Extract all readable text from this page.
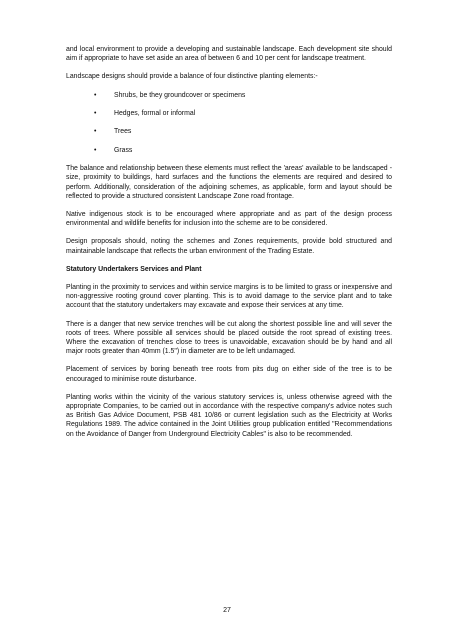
and local environment to provide a developing and sustainable landscape. Each development site should aim if appropriate to have set aside an area of between 6 and 10 per cent for landscape treatment.

Landscape designs should provide a balance of four distinctive planting elements:-

•	Shrubs, be they groundcover or specimens
•	Hedges, formal or informal
•	Trees
•	Grass

The balance and relationship between these elements must reflect the 'areas' available to be landscaped - size, proximity to buildings, hard surfaces and the functions the elements are required and desired to perform. Additionally, consideration of the adjoining schemes, as applicable, form and layout should be reflected to provide a structured consistent Landscape Zone road frontage.

Native indigenous stock is to be encouraged where appropriate and as part of the design process environmental and wildlife benefits for inclusion into the scheme are to be considered.

Design proposals should, noting the schemes and Zones requirements, provide bold structured and maintainable landscape that reflects the urban environment of the Trading Estate.

Statutory Undertakers Services and Plant

Planting in the proximity to services and within service margins is to be limited to grass or inexpensive and non-aggressive rooting ground cover planting. This is to avoid damage to the service plant and to take account that the statutory undertakers may excavate and expose their services at any time.

There is a danger that new service trenches will be cut along the shortest possible line and will sever the roots of trees. Where possible all services should be placed outside the root spread of existing trees. Where the excavation of trenches close to trees is unavoidable, excavation should be by hand and all major roots greater than 40mm (1.5") in diameter are to be left undamaged.

Placement of services by boring beneath tree roots from pits dug on either side of the tree is to be encouraged to minimise route disturbance.

Planting works within the vicinity of the various statutory services is, unless otherwise agreed with the appropriate Companies, to be carried out in accordance with the respective company's advice notes such as British Gas Advice Document, PSB 481 10/86 or current legislation such as the Electricity at Works Regulations 1989. The advice contained in the Joint Utilities group publication entitled "Recommendations on the Avoidance of Danger from Underground Electricity Cables" is also to be recommended.

27
